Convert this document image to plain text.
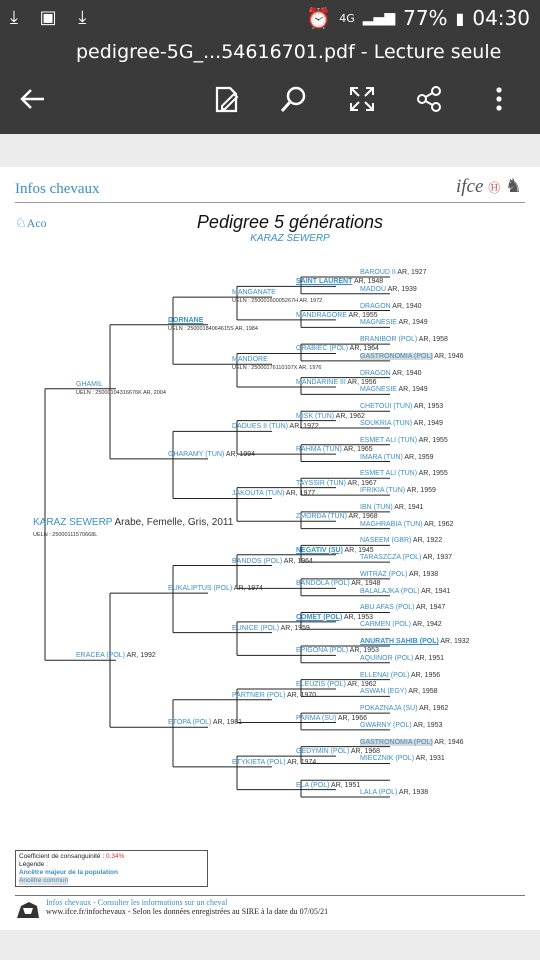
⤓ ▣ ⤓	⏰ 4G ▂▄▆ 77% ▮ 04:30
pedigree-5G_...54616701.pdf - Lecture seule
Infos chevaux	ifce Ⓗ ♞
♘Aco	Pedigree 5 générations
KARAZ SEWERP
KARAZ SEWERP Arabe, Femelle, Gris, 2011
UELN : 25000111570668L
GHAMIL
UELN : 25000104316676K AR, 2004
ERACEA (POL) AR, 1992
DORNANE
UELN : 25000184064615S AR, 1984
GHARAMY (TUN) AR, 1994
EUKALIPTUS (POL) AR, 1974
ETOPA (POL) AR, 1981
MANGANATE
UELN : 25000160005267H AR, 1972
MANDORE
UELN : 25000176110107X AR, 1976
DADUES II (TUN) AR, 1972
JAKOUTA (TUN) AR, 1977
BANDOS (POL) AR, 1964
EUNICE (POL) AR, 1959
PARTNER (POL) AR, 1970
ETYKIETA (POL) AR, 1974
SAINT LAURENT AR, 1948
MANDRAGORE AR, 1955
GRABIEC (POL) AR, 1964
MANDARINE III AR, 1956
MISK (TUN) AR, 1962
RAHMA (TUN) AR, 1965
TAYSSIR (TUN) AR, 1967
ZMORDA (TUN) AR, 1968
NEGATIV (SU) AR, 1945
BANDOLA (POL) AR, 1948
COMET (POL) AR, 1953
EPIGONA (POL) AR, 1953
ELEUZIS (POL) AR, 1962
PARMA (SU) AR, 1966
GEDYMIN (POL) AR, 1968
ELA (POL) AR, 1951
BAROUD II AR, 1927
MADOU AR, 1939
DRAGON AR, 1940
MAGNESIE AR, 1949
BRANIBOR (POL) AR, 1958
GASTRONOMIA (POL) AR, 1946
DRAGON AR, 1940
MAGNESIE AR, 1949
CHETOUI (TUN) AR, 1953
SOUKRIA (TUN) AR, 1949
ESMET ALI (TUN) AR, 1955
IMARA (TUN) AR, 1959
ESMET ALI (TUN) AR, 1955
IFRIKIA (TUN) AR, 1959
IBN (TUN) AR, 1941
MAGHRABIA (TUN) AR, 1962
NASEEM (GBR) AR, 1922
TARASZCZA (POL) AR, 1937
WITRAZ (POL) AR, 1938
BALALAJKA (POL) AR, 1941
ABU AFAS (POL) AR, 1947
CARMEN (POL) AR, 1942
ANURATH SAHIB (POL) AR, 1932
AQUINOR (POL) AR, 1951
ELLENAI (POL) AR, 1956
ASWAN (EGY) AR, 1958
POKAZNAJA (SU) AR, 1962
GWARNY (POL) AR, 1953
GASTRONOMIA (POL) AR, 1946
MIECZNIK (POL) AR, 1931
LALA (POL) AR, 1938
Coefficient de consanguinité : 0.34%
Légende :
Ancêtre majeur de la population
Ancêtre commun
Infos chevaux - Consulter les informations sur un cheval
www.ifce.fr/infochevaux - Selon les données enregistrées au SIRE à la date du 07/05/21
